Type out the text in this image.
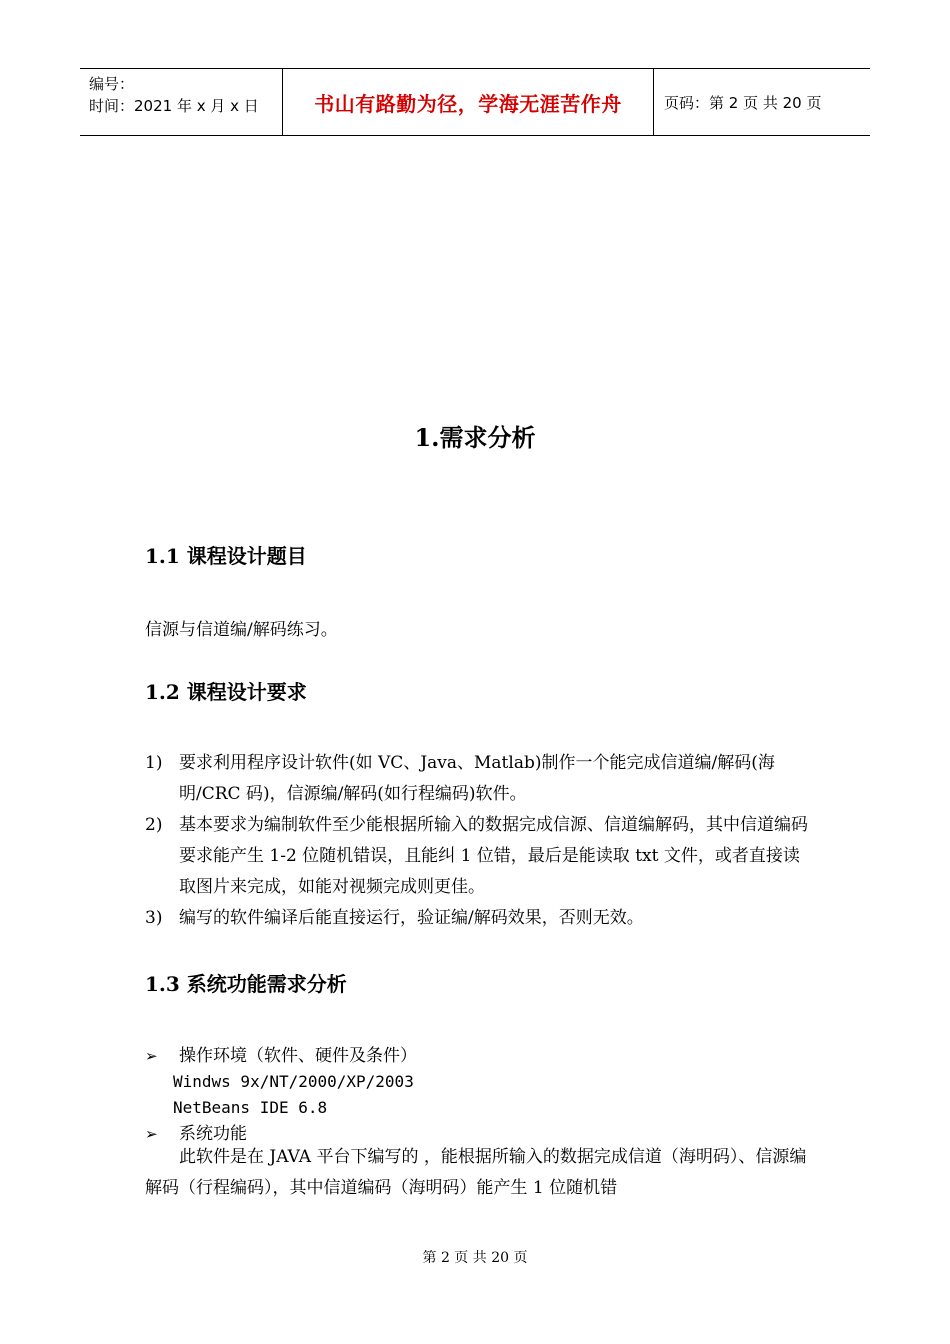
编号：
时间：2021 年 x 月 x 日	书山有路勤为径，学海无涯苦作舟	页码：第 2 页 共 20 页
1.需求分析
1.1 课程设计题目
信源与信道编/解码练习。
1.2 课程设计要求
1) 要求利用程序设计软件(如 VC、Java、Matlab)制作一个能完成信道编/解码(海明/CRC 码)，信源编/解码(如行程编码)软件。
2) 基本要求为编制软件至少能根据所输入的数据完成信源、信道编解码，其中信道编码要求能产生 1-2 位随机错误，且能纠 1 位错，最后是能读取 txt 文件，或者直接读取图片来完成，如能对视频完成则更佳。
3) 编写的软件编译后能直接运行，验证编/解码效果，否则无效。
1.3 系统功能需求分析
➢	操作环境（软件、硬件及条件）
Windws 9x/NT/2000/XP/2003
NetBeans IDE 6.8
➢	系统功能
此软件是在 JAVA 平台下编写的 ，能根据所输入的数据完成信道（海明码）、信源编解码（行程编码），其中信道编码（海明码）能产生 1 位随机错
第 2 页 共 20 页
